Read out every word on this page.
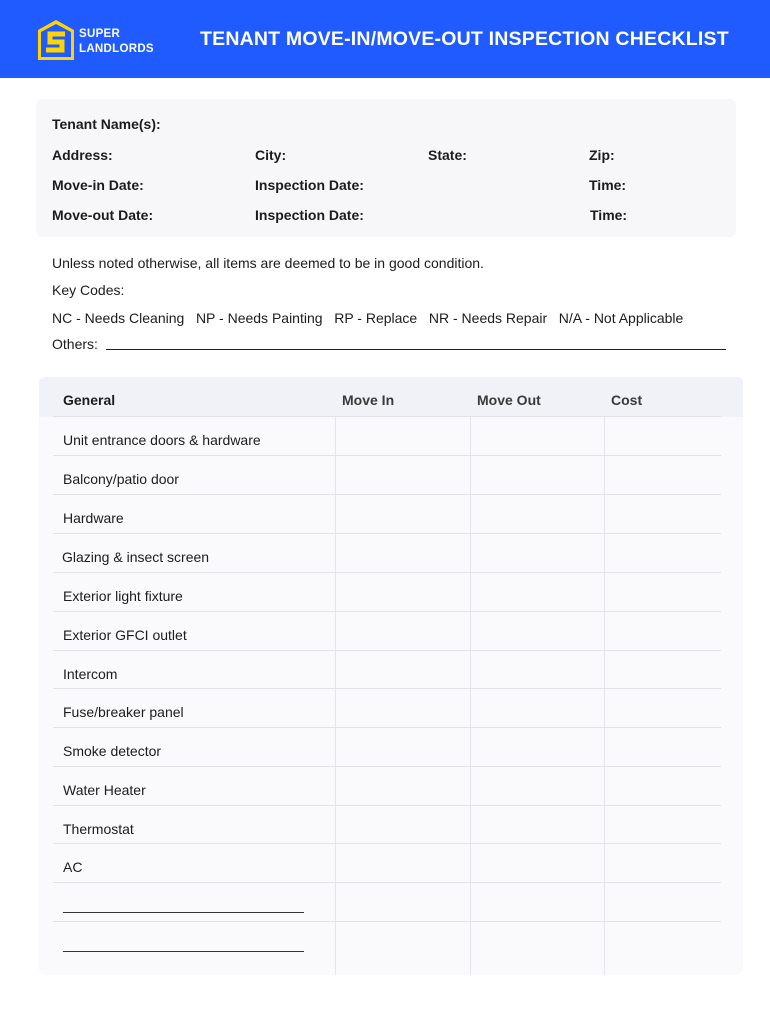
SUPER
LANDLORDS TENANT MOVE-IN/MOVE-OUT INSPECTION CHECKLIST
Tenant Name(s):
Address:	City:	State:	Zip:
Move-in Date:	Inspection Date:	Time:
Move-out Date:	Inspection Date:	Time:
Unless noted otherwise, all items are deemed to be in good condition.
Key Codes:
NC - Needs Cleaning   NP - Needs Painting   RP - Replace   NR - Needs Repair   N/A - Not Applicable
Others:
General	Move In	Move Out	Cost
Unit entrance doors & hardware
Balcony/patio door
Hardware
Glazing & insect screen
Exterior light fixture
Exterior GFCI outlet
Intercom
Fuse/breaker panel
Smoke detector
Water Heater
Thermostat
AC
